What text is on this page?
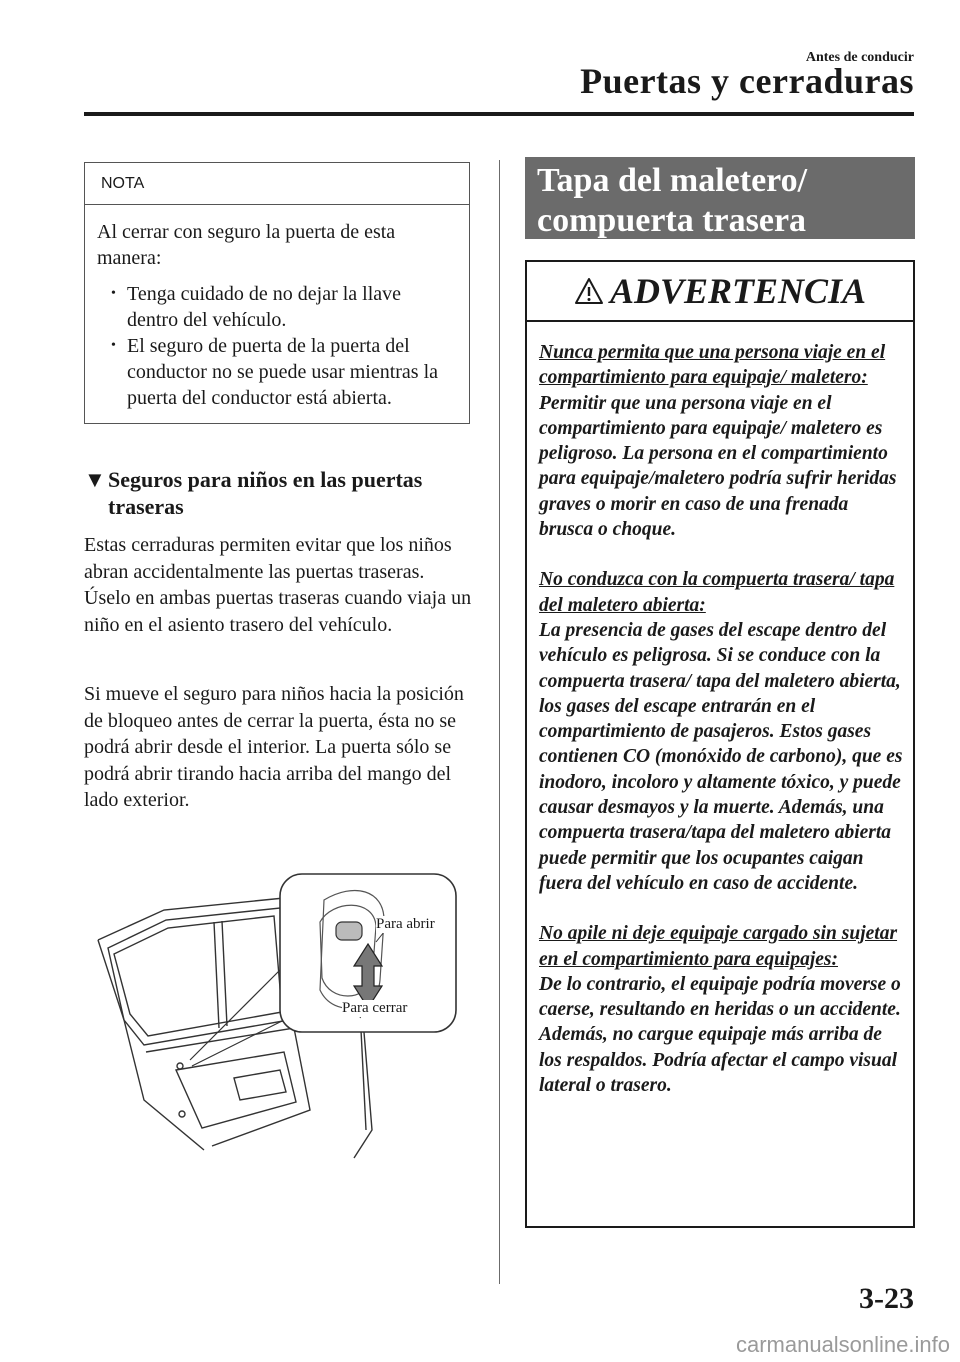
Antes de conducir
Puertas y cerraduras
NOTA
Al cerrar con seguro la puerta de esta manera:
• Tenga cuidado de no dejar la llave dentro del vehículo.
• El seguro de puerta de la puerta del conductor no se puede usar mientras la puerta del conductor está abierta.
▼ Seguros para niños en las puertas
traseras
Estas cerraduras permiten evitar que los niños abran accidentalmente las puertas traseras. Úselo en ambas puertas traseras cuando viaja un niño en el asiento trasero del vehículo.
Si mueve el seguro para niños hacia la posición de bloqueo antes de cerrar la puerta, ésta no se podrá abrir desde el interior. La puerta sólo se podrá abrir tirando hacia arriba del mango del lado exterior.
Para abrir
Para cerrar
Tapa del maletero/
compuerta trasera
ADVERTENCIA
Nunca permita que una persona viaje en el compartimiento para equipaje/ maletero:
Permitir que una persona viaje en el compartimiento para equipaje/ maletero es peligroso. La persona en el compartimiento para equipaje/maletero podría sufrir heridas graves o morir en caso de una frenada brusca o choque.
No conduzca con la compuerta trasera/ tapa del maletero abierta:
La presencia de gases del escape dentro del vehículo es peligrosa. Si se conduce con la compuerta trasera/ tapa del maletero abierta, los gases del escape entrarán en el compartimiento de pasajeros. Estos gases contienen CO (monóxido de carbono), que es inodoro, incoloro y altamente tóxico, y puede causar desmayos y la muerte. Además, una compuerta trasera/tapa del maletero abierta puede permitir que los ocupantes caigan fuera del vehículo en caso de accidente.
No apile ni deje equipaje cargado sin sujetar en el compartimiento para equipajes:
De lo contrario, el equipaje podría moverse o caerse, resultando en heridas o un accidente. Además, no cargue equipaje más arriba de los respaldos. Podría afectar el campo visual lateral o trasero.
3-23
carmanualsonline.info
